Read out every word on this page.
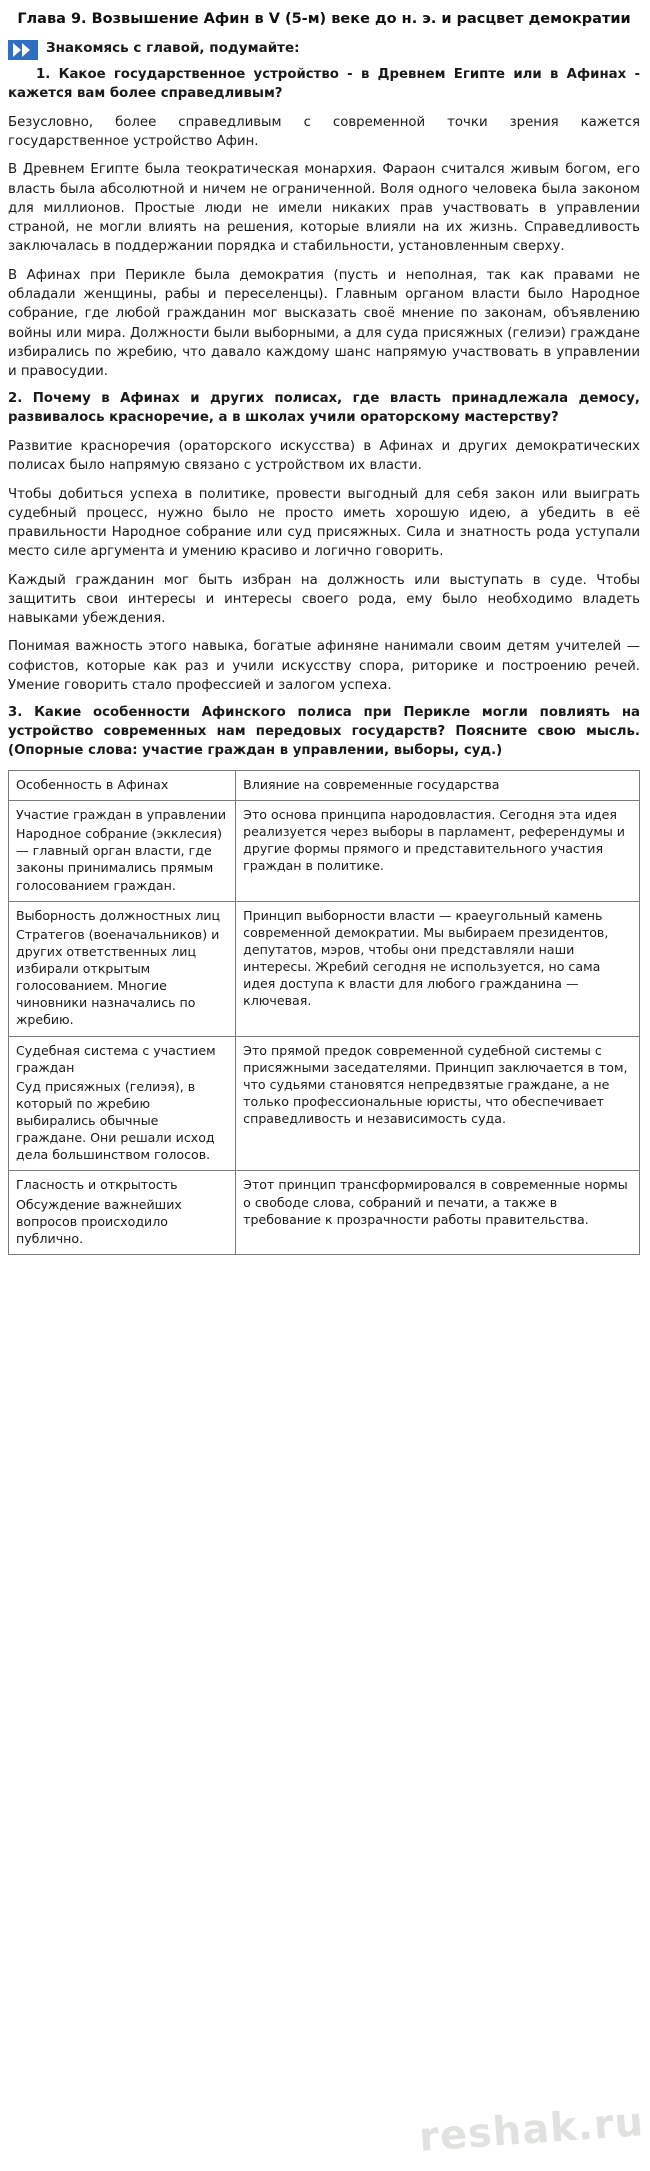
Глава 9. Возвышение Афин в V (5-м) веке до н. э. и расцвет демократии
Знакомясь с главой, подумайте:

1. Какое государственное устройство - в Древнем Египте или в Афинах - кажется вам более справедливым?

Безусловно, более справедливым с современной точки зрения кажется государственное устройство Афин.

В Древнем Египте была теократическая монархия. Фараон считался живым богом, его власть была абсолютной и ничем не ограниченной. Воля одного человека была законом для миллионов. Простые люди не имели никаких прав участвовать в управлении страной, не могли влиять на решения, которые влияли на их жизнь. Справедливость заключалась в поддержании порядка и стабильности, установленным сверху.

В Афинах при Перикле была демократия (пусть и неполная, так как правами не обладали женщины, рабы и переселенцы). Главным органом власти было Народное собрание, где любой гражданин мог высказать своё мнение по законам, объявлению войны или мира. Должности были выборными, а для суда присяжных (гелиэи) граждане избирались по жребию, что давало каждому шанс напрямую участвовать в управлении и правосудии.

2. Почему в Афинах и других полисах, где власть принадлежала демосу, развивалось красноречие, а в школах учили ораторскому мастерству?

Развитие красноречия (ораторского искусства) в Афинах и других демократических полисах было напрямую связано с устройством их власти.

Чтобы добиться успеха в политике, провести выгодный для себя закон или выиграть судебный процесс, нужно было не просто иметь хорошую идею, а убедить в её правильности Народное собрание или суд присяжных. Сила и знатность рода уступали место силе аргумента и умению красиво и логично говорить.

Каждый гражданин мог быть избран на должность или выступать в суде. Чтобы защитить свои интересы и интересы своего рода, ему было необходимо владеть навыками убеждения.

Понимая важность этого навыка, богатые афиняне нанимали своим детям учителей — софистов, которые как раз и учили искусству спора, риторике и построению речей. Умение говорить стало профессией и залогом успеха.

3. Какие особенности Афинского полиса при Перикле могли повлиять на устройство современных нам передовых государств? Поясните свою мысль. (Опорные слова: участие граждан в управлении, выборы, суд.)

Особенность в Афинах	Влияние на современные государства

Участие граждан в управлении
Народное собрание (экклесия) — главный орган власти, где законы принимались прямым голосованием граждан.	Это основа принципа народовластия. Сегодня эта идея реализуется через выборы в парламент, референдумы и другие формы прямого и представительного участия граждан в политике.

Выборность должностных лиц
Стратегов (военачальников) и других ответственных лиц избирали открытым голосованием. Многие чиновники назначались по жребию.	Принцип выборности власти — краеугольный камень современной демократии. Мы выбираем президентов, депутатов, мэров, чтобы они представляли наши интересы. Жребий сегодня не используется, но сама идея доступа к власти для любого гражданина — ключевая.

Судебная система с участием граждан
Суд присяжных (гелиэя), в который по жребию выбирались обычные граждане. Они решали исход дела большинством голосов.	Это прямой предок современной судебной системы с присяжными заседателями. Принцип заключается в том, что судьями становятся непредвзятые граждане, а не только профессиональные юристы, что обеспечивает справедливость и независимость суда.

Гласность и открытость
Обсуждение важнейших вопросов происходило публично.	Этот принцип трансформировался в современные нормы о свободе слова, собраний и печати, а также в требование к прозрачности работы правительства.
reshak.ru
